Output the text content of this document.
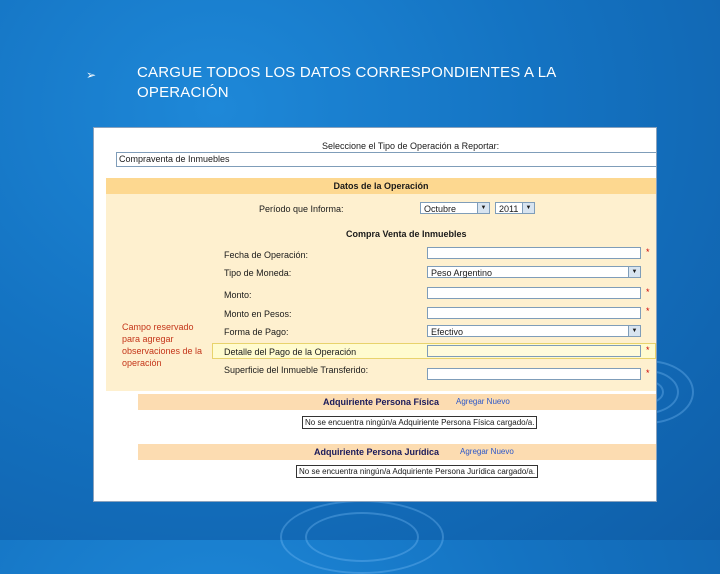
➢	CARGUE TODOS LOS DATOS CORRESPONDIENTES A LA OPERACIÓN
Seleccione el Tipo de Operación a Reportar:
Compraventa de Inmuebles
Datos de la Operación
Período que Informa:	Octubre	▼	2011	▼
Compra Venta de Inmuebles
Fecha de Operación:	*
Tipo de Moneda:	Peso Argentino	▼
Monto:	*
Monto en Pesos:	*
Campo reservado para agregar observaciones de la operación
Forma de Pago:	Efectivo	▼
Detalle del Pago de la Operación	*
Superficie del Inmueble Transferido:	*
Adquiriente Persona Física Agregar Nuevo
No se encuentra ningún/a Adquiriente Persona Física cargado/a.
Adquiriente Persona Jurídica	Agregar Nuevo
No se encuentra ningún/a Adquiriente Persona Jurídica cargado/a.
